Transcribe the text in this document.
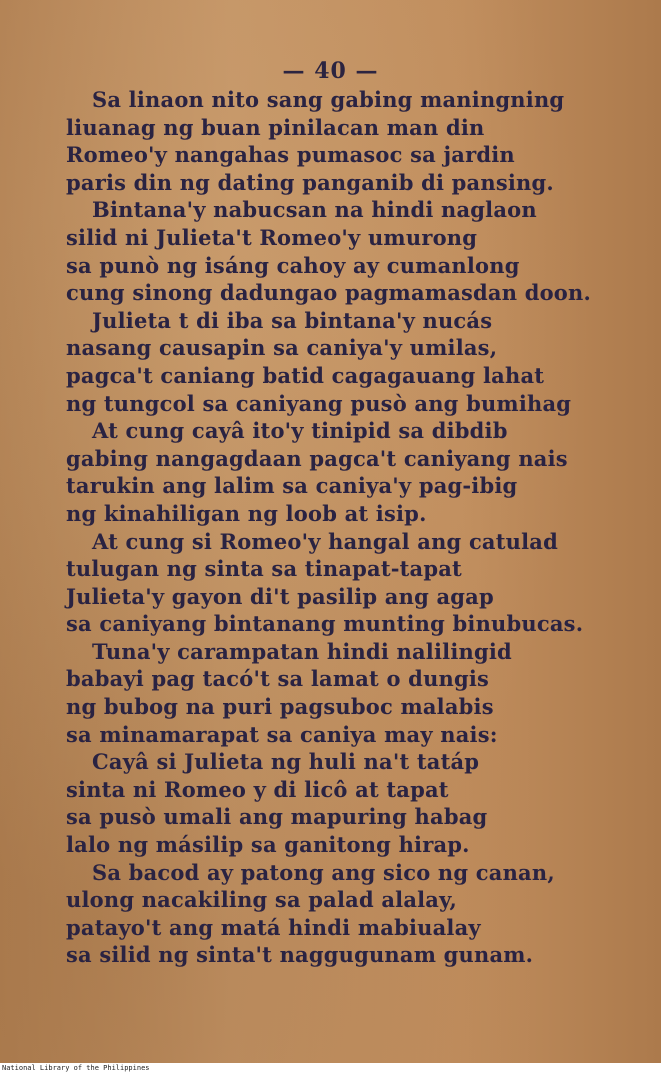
— 40 —
Sa linaon nito sang gabing maningning
liuanag ng buan pinilacan man din
Romeo'y nangahas pumasoc sa jardin
paris din ng dating panganib di pansing.
Bintana'y nabucsan na hindi naglaon
silid ni Julieta't Romeo'y umurong
sa punò ng isáng cahoy ay cumanlong
cung sinong dadungao pagmamasdan doon.
Julieta t di iba sa bintana'y nucás
nasang causapin sa caniya'y umilas,
pagca't caniang batid cagagauang lahat
ng tungcol sa caniyang pusò ang bumihag
At cung cayâ ito'y tinipid sa dibdib
gabing nangagdaan pagca't caniyang nais
tarukin ang lalim sa caniya'y pag-ibig
ng kinahiligan ng loob at isip.
At cung si Romeo'y hangal ang catulad
tulugan ng sinta sa tinapat-tapat
Julieta'y gayon di't pasilip ang agap
sa caniyang bintanang munting binubucas.
Tuna'y carampatan hindi nalilingid
babayi pag tacó't sa lamat o dungis
ng bubog na puri pagsuboc malabis
sa minamarapat sa caniya may nais:
Cayâ si Julieta ng huli na't tatáp
sinta ni Romeo y di licô at tapat
sa pusò umali ang mapuring habag
lalo ng másilip sa ganitong hirap.
Sa bacod ay patong ang sico ng canan,
ulong nacakiling sa palad alalay,
patayo't ang matá hindi mabiualay
sa silid ng sinta't naggugunam gunam.
National Library of the Philippines
